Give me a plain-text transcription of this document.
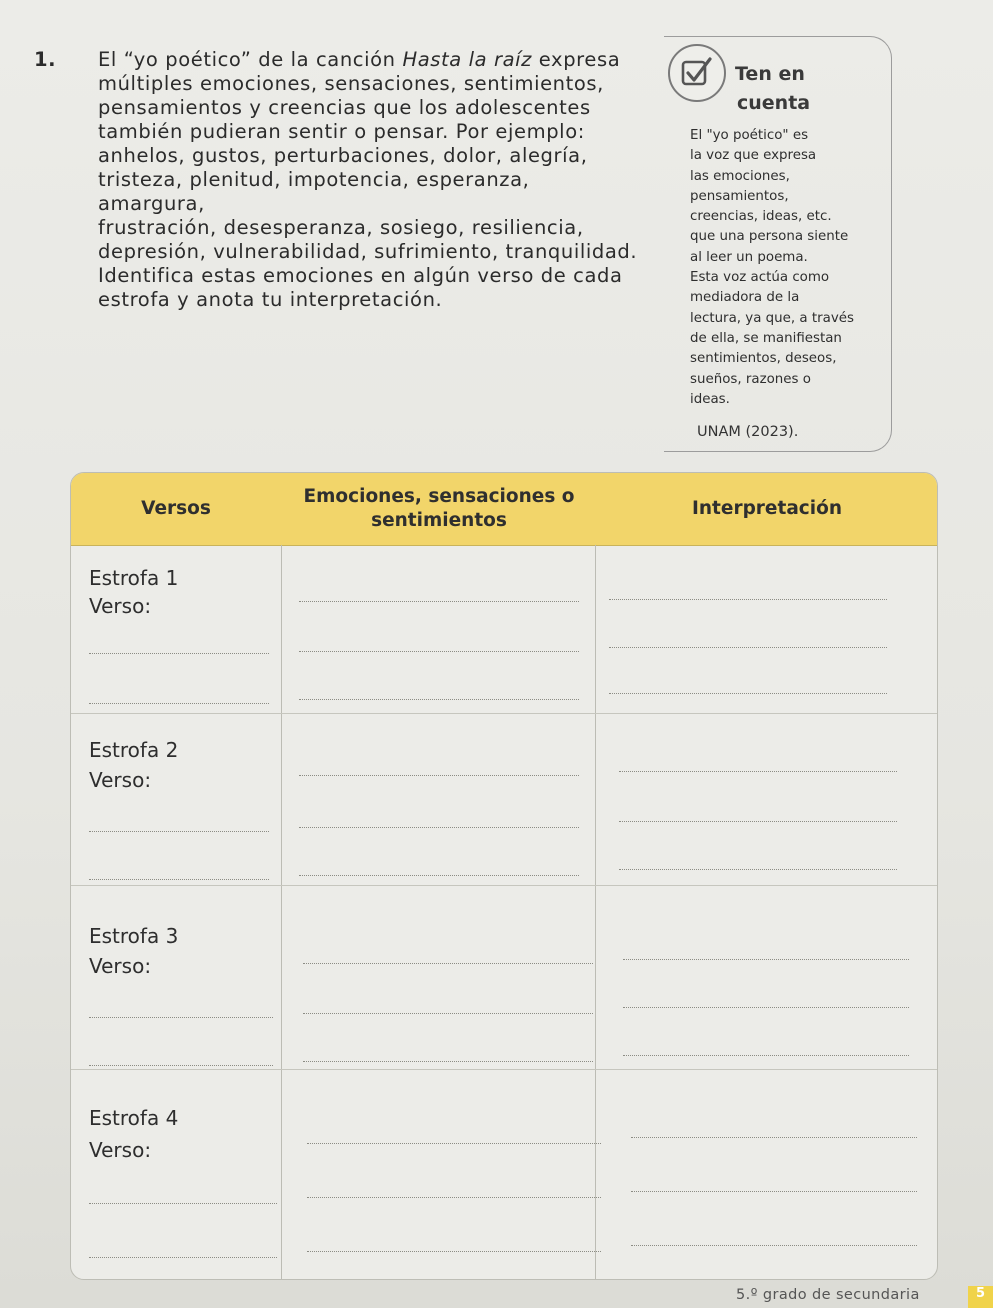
1. El “yo poético” de la canción Hasta la raíz expresa

múltiples emociones, sensaciones, sentimientos,

pensamientos y creencias que los adolescentes

también pudieran sentir o pensar. Por ejemplo:

anhelos, gustos, perturbaciones, dolor, alegría,

tristeza, plenitud, impotencia, esperanza, amargura,

frustración, desesperanza, sosiego, resiliencia,

depresión, vulnerabilidad, sufrimiento, tranquilidad.

Identifica estas emociones en algún verso de cada

estrofa y anota tu interpretación.

Ten en
cuenta

El "yo poético" es

la voz que expresa

las emociones,

pensamientos,

creencias, ideas, etc.

que una persona siente

al leer un poema.

Esta voz actúa como

mediadora de la

lectura, ya que, a través

de ella, se manifiestan

sentimientos, deseos,

sueños, razones o

ideas.

UNAM (2023).
Versos
Emociones, sensaciones o
sentimientos
Interpretación
Estrofa 1
Verso:
Estrofa 2
Verso:
Estrofa 3
Verso:
Estrofa 4
Verso:
5.º grado de secundaria	5
